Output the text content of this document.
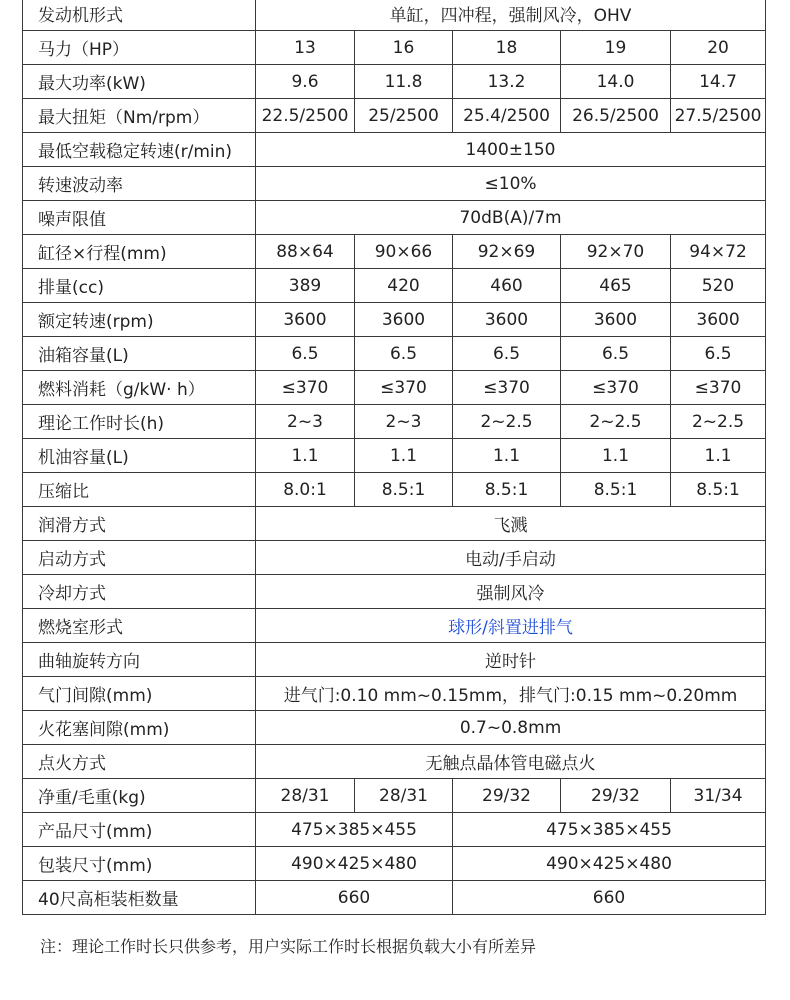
发动机形式	单缸，四冲程，强制风冷，OHV				
马力（HP）	13	16	18	19	20
最大功率(kW)	9.6	11.8	13.2	14.0	14.7
最大扭矩（Nm/rpm）	22.5/2500	25/2500	25.4/2500	26.5/2500	27.5/2500
最低空载稳定转速(r/min)	1400±150				
转速波动率	≤10%				
噪声限值	70dB(A)/7m				
缸径×行程(mm)	88×64	90×66	92×69	92×70	94×72
排量(cc)	389	420	460	465	520
额定转速(rpm)	3600	3600	3600	3600	3600
油箱容量(L)	6.5	6.5	6.5	6.5	6.5
燃料消耗（g/kW· h）	≤370	≤370	≤370	≤370	≤370
理论工作时长(h)	2~3	2~3	2~2.5	2~2.5	2~2.5
机油容量(L)	1.1	1.1	1.1	1.1	1.1
压缩比	8.0:1	8.5:1	8.5:1	8.5:1	8.5:1
润滑方式	飞溅				
启动方式	电动/手启动				
冷却方式	强制风冷				
燃烧室形式	球形/斜置进排气				
曲轴旋转方向	逆时针				
气门间隙(mm)	进气门:0.10 mm~0.15mm，排气门:0.15 mm~0.20mm				
火花塞间隙(mm)	0.7~0.8mm				
点火方式	无触点晶体管电磁点火				
净重/毛重(kg)	28/31	28/31	29/32	29/32	31/34
产品尺寸(mm)	475×385×455		475×385×455		
包装尺寸(mm)	490×425×480		490×425×480		
40尺高柜装柜数量	660		660		
注：理论工作时长只供参考，用户实际工作时长根据负载大小有所差异
